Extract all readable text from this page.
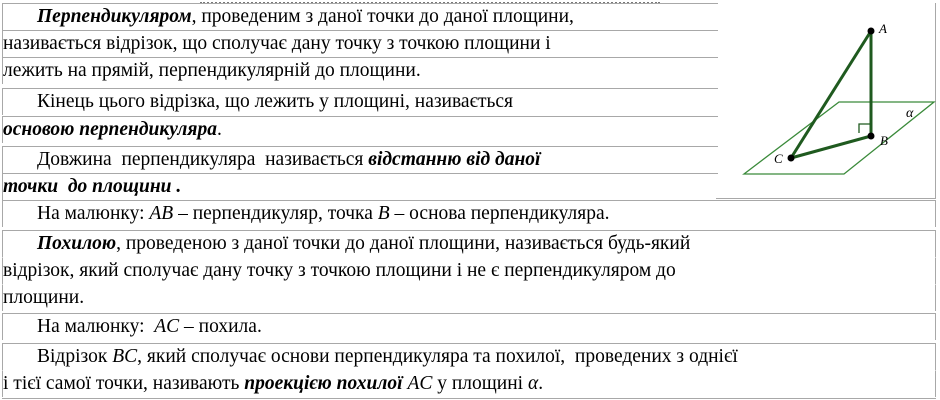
Перпендикуляром, проведеним з даної точки до даної площини,
називається відрізок, що сполучає дану точку з точкою площини і
лежить на прямій, перпендикулярній до площини.
Кінець цього відрізка, що лежить у площині, називається
основою перпендикуляра.
Довжина  перпендикуляра  називається відстанню від даної
точки  до площини .
A
B
C
α
На малюнку: AB – перпендикуляр, точка B – основа перпендикуляра.
Похилою, проведеною з даної точки до даної площини, називається будь-який
відрізок, який сполучає дану точку з точкою площини і не є перпендикуляром до
площини.
На малюнку:  AC – похила.
Відрізок BC, який сполучає основи перпендикуляра та похилої,  проведених з однієї
і тієї самої точки, називають проекцією похилої AC у площині α.
